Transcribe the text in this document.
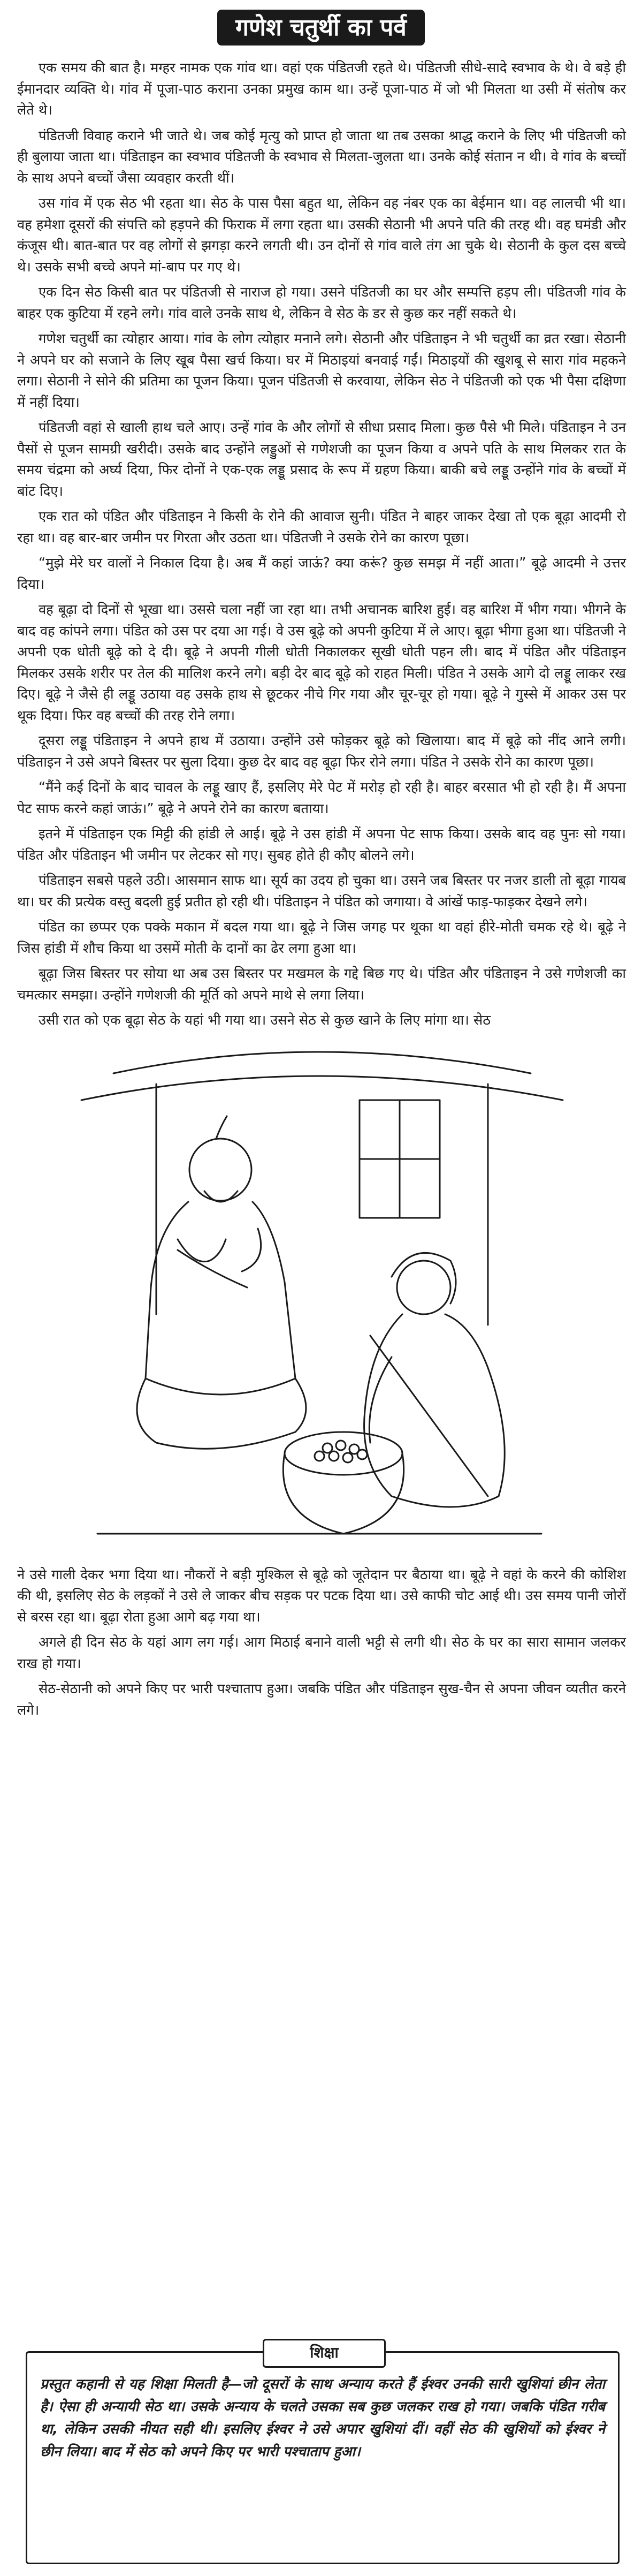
गणेश चतुर्थी का पर्व

एक समय की बात है। मग्हर नामक एक गांव था। वहां एक पंडितजी रहते थे। पंडितजी सीधे-सादे स्वभाव के थे। वे बड़े ही ईमानदार व्यक्ति थे। गांव में पूजा-पाठ कराना उनका प्रमुख काम था। उन्हें पूजा-पाठ में जो भी मिलता था उसी में संतोष कर लेते थे।

पंडितजी विवाह कराने भी जाते थे। जब कोई मृत्यु को प्राप्त हो जाता था तब उसका श्राद्ध कराने के लिए भी पंडितजी को ही बुलाया जाता था। पंडिताइन का स्वभाव पंडितजी के स्वभाव से मिलता-जुलता था। उनके कोई संतान न थी। वे गांव के बच्चों के साथ अपने बच्चों जैसा व्यवहार करती थीं।

उस गांव में एक सेठ भी रहता था। सेठ के पास पैसा बहुत था, लेकिन वह नंबर एक का बेईमान था। वह लालची भी था। वह हमेशा दूसरों की संपत्ति को हड़पने की फिराक में लगा रहता था। उसकी सेठानी भी अपने पति की तरह थी। वह घमंडी और कंजूस थी। बात-बात पर वह लोगों से झगड़ा करने लगती थी। उन दोनों से गांव वाले तंग आ चुके थे। सेठानी के कुल दस बच्चे थे। उसके सभी बच्चे अपने मां-बाप पर गए थे।

एक दिन सेठ किसी बात पर पंडितजी से नाराज हो गया। उसने पंडितजी का घर और सम्पत्ति हड़प ली। पंडितजी गांव के बाहर एक कुटिया में रहने लगे। गांव वाले उनके साथ थे, लेकिन वे सेठ के डर से कुछ कर नहीं सकते थे।

गणेश चतुर्थी का त्योहार आया। गांव के लोग त्योहार मनाने लगे। सेठानी और पंडिताइन ने भी चतुर्थी का व्रत रखा। सेठानी ने अपने घर को सजाने के लिए खूब पैसा खर्च किया। घर में मिठाइयां बनवाई गईं। मिठाइयों की खुशबू से सारा गांव महकने लगा। सेठानी ने सोने की प्रतिमा का पूजन किया। पूजन पंडितजी से करवाया, लेकिन सेठ ने पंडितजी को एक भी पैसा दक्षिणा में नहीं दिया।

पंडितजी वहां से खाली हाथ चले आए। उन्हें गांव के और लोगों से सीधा प्रसाद मिला। कुछ पैसे भी मिले। पंडिताइन ने उन पैसों से पूजन सामग्री खरीदी। उसके बाद उन्होंने लड्डुओं से गणेशजी का पूजन किया व अपने पति के साथ मिलकर रात के समय चंद्रमा को अर्घ्य दिया, फिर दोनों ने एक-एक लड्डू प्रसाद के रूप में ग्रहण किया। बाकी बचे लड्डू उन्होंने गांव के बच्चों में बांट दिए।

एक रात को पंडित और पंडिताइन ने किसी के रोने की आवाज सुनी। पंडित ने बाहर जाकर देखा तो एक बूढ़ा आदमी रो रहा था। वह बार-बार जमीन पर गिरता और उठता था। पंडितजी ने उसके रोने का कारण पूछा।

“मुझे मेरे घर वालों ने निकाल दिया है। अब मैं कहां जाऊं? क्या करूं? कुछ समझ में नहीं आता।” बूढ़े आदमी ने उत्तर दिया।

वह बूढ़ा दो दिनों से भूखा था। उससे चला नहीं जा रहा था। तभी अचानक बारिश हुई। वह बारिश में भीग गया। भीगने के बाद वह कांपने लगा। पंडित को उस पर दया आ गई। वे उस बूढ़े को अपनी कुटिया में ले आए। बूढ़ा भीगा हुआ था। पंडितजी ने अपनी एक धोती बूढ़े को दे दी। बूढ़े ने अपनी गीली धोती निकालकर सूखी धोती पहन ली। बाद में पंडित और पंडिताइन मिलकर उसके शरीर पर तेल की मालिश करने लगे। बड़ी देर बाद बूढ़े को राहत मिली। पंडित ने उसके आगे दो लड्डू लाकर रख दिए। बूढ़े ने जैसे ही लड्डू उठाया वह उसके हाथ से छूटकर नीचे गिर गया और चूर-चूर हो गया। बूढ़े ने गुस्से में आकर उस पर थूक दिया। फिर वह बच्चों की तरह रोने लगा।

दूसरा लड्डू पंडिताइन ने अपने हाथ में उठाया। उन्होंने उसे फोड़कर बूढ़े को खिलाया। बाद में बूढ़े को नींद आने लगी। पंडिताइन ने उसे अपने बिस्तर पर सुला दिया। कुछ देर बाद वह बूढ़ा फिर रोने लगा। पंडित ने उसके रोने का कारण पूछा।

“मैंने कई दिनों के बाद चावल के लड्डू खाए हैं, इसलिए मेरे पेट में मरोड़ हो रही है। बाहर बरसात भी हो रही है। मैं अपना पेट साफ करने कहां जाऊं।” बूढ़े ने अपने रोने का कारण बताया।

इतने में पंडिताइन एक मिट्टी की हांडी ले आई। बूढ़े ने उस हांडी में अपना पेट साफ किया। उसके बाद वह पुनः सो गया। पंडित और पंडिताइन भी जमीन पर लेटकर सो गए। सुबह होते ही कौए बोलने लगे।

पंडिताइन सबसे पहले उठी। आसमान साफ था। सूर्य का उदय हो चुका था। उसने जब बिस्तर पर नजर डाली तो बूढ़ा गायब था। घर की प्रत्येक वस्तु बदली हुई प्रतीत हो रही थी। पंडिताइन ने पंडित को जगाया। वे आंखें फाड़-फाड़कर देखने लगे।

पंडित का छप्पर एक पक्के मकान में बदल गया था। बूढ़े ने जिस जगह पर थूका था वहां हीरे-मोती चमक रहे थे। बूढ़े ने जिस हांडी में शौच किया था उसमें मोती के दानों का ढेर लगा हुआ था।

बूढ़ा जिस बिस्तर पर सोया था अब उस बिस्तर पर मखमल के गद्दे बिछ गए थे। पंडित और पंडिताइन ने उसे गणेशजी का चमत्कार समझा। उन्होंने गणेशजी की मूर्ति को अपने माथे से लगा लिया।

उसी रात को एक बूढ़ा सेठ के यहां भी गया था। उसने सेठ से कुछ खाने के लिए मांगा था। सेठ

ने उसे गाली देकर भगा दिया था। नौकरों ने बड़ी मुश्किल से बूढ़े को जूतेदान पर बैठाया था। बूढ़े ने वहां के करने की कोशिश की थी, इसलिए सेठ के लड़कों ने उसे ले जाकर बीच सड़क पर पटक दिया था। उसे काफी चोट आई थी। उस समय पानी जोरों से बरस रहा था। बूढ़ा रोता हुआ आगे बढ़ गया था।

अगले ही दिन सेठ के यहां आग लग गई। आग मिठाई बनाने वाली भट्टी से लगी थी। सेठ के घर का सारा सामान जलकर राख हो गया।

सेठ-सेठानी को अपने किए पर भारी पश्चाताप हुआ। जबकि पंडित और पंडिताइन सुख-चैन से अपना जीवन व्यतीत करने लगे।

शिक्षा
प्रस्तुत कहानी से यह शिक्षा मिलती है—जो दूसरों के साथ अन्याय करते हैं ईश्वर उनकी सारी खुशियां छीन लेता है। ऐसा ही अन्यायी सेठ था। उसके अन्याय के चलते उसका सब कुछ जलकर राख हो गया। जबकि पंडित गरीब था, लेकिन उसकी नीयत सही थी। इसलिए ईश्वर ने उसे अपार खुशियां दीं। वहीं सेठ की खुशियों को ईश्वर ने छीन लिया। बाद में सेठ को अपने किए पर भारी पश्चाताप हुआ।
